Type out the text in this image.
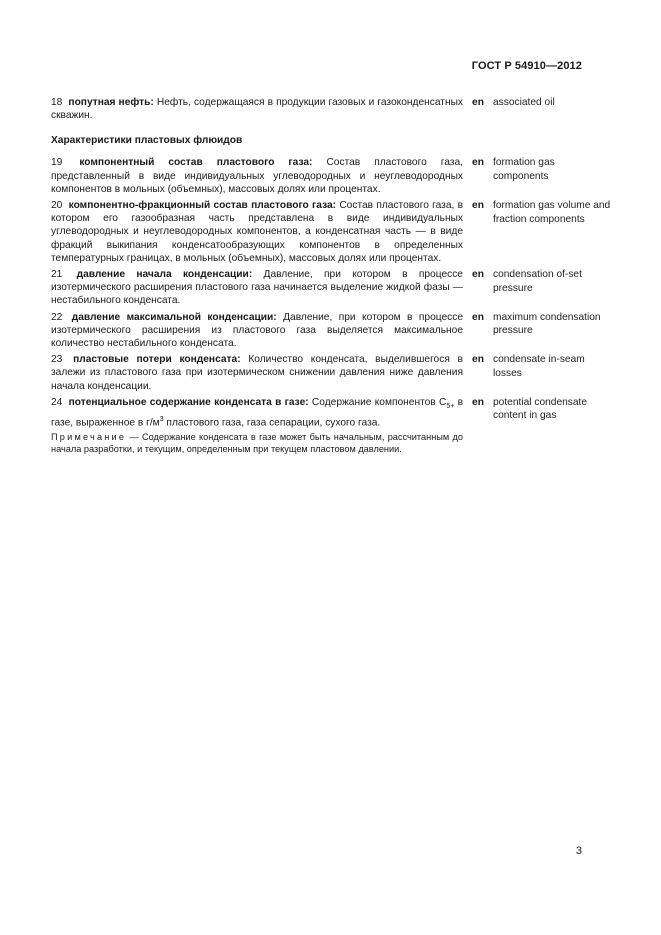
ГОСТ Р 54910—2012
18 попутная нефть: Нефть, содержащаяся в продукции газовых и газоконденсатных скважин.
en associated oil
Характеристики пластовых флюидов
19 компонентный состав пластового газа: Состав пластового газа, представленный в виде индивидуальных углеводородных и неуглеводородных компонентов в мольных (объемных), массовых долях или процентах.
en formation gas components
20 компонентно-фракционный состав пластового газа: Состав пластового газа, в котором его газообразная часть представлена в виде индивидуальных углеводородных и неуглеводородных компонентов, а конденсатная часть — в виде фракций выкипания конденсатообразующих компонентов в определенных температурных границах, в мольных (объемных), массовых долях или процентах.
en formation gas volume and fraction components
21 давление начала конденсации: Давление, при котором в процессе изотермического расширения пластового газа начинается выделение жидкой фазы — нестабильного конденсата.
en condensation of-set pressure
22 давление максимальной конденсации: Давление, при котором в процессе изотермического расширения из пластового газа выделяется максимальное количество нестабильного конденсата.
en maximum condensation pressure
23 пластовые потери конденсата: Количество конденсата, выделившегося в залежи из пластового газа при изотермическом снижении давления ниже давления начала конденсации.
en condensate in-seam losses
24 потенциальное содержание конденсата в газе: Содержание компонентов $C_{5+}$ в газе, выраженное в $г/м^3$ пластового газа, газа сепарации, сухого газа.
Примечание — Содержание конденсата в газе может быть начальным, рассчитанным до начала разработки, и текущим, определенным при текущем пластовом давлении.
en potential condensate content in gas
3
